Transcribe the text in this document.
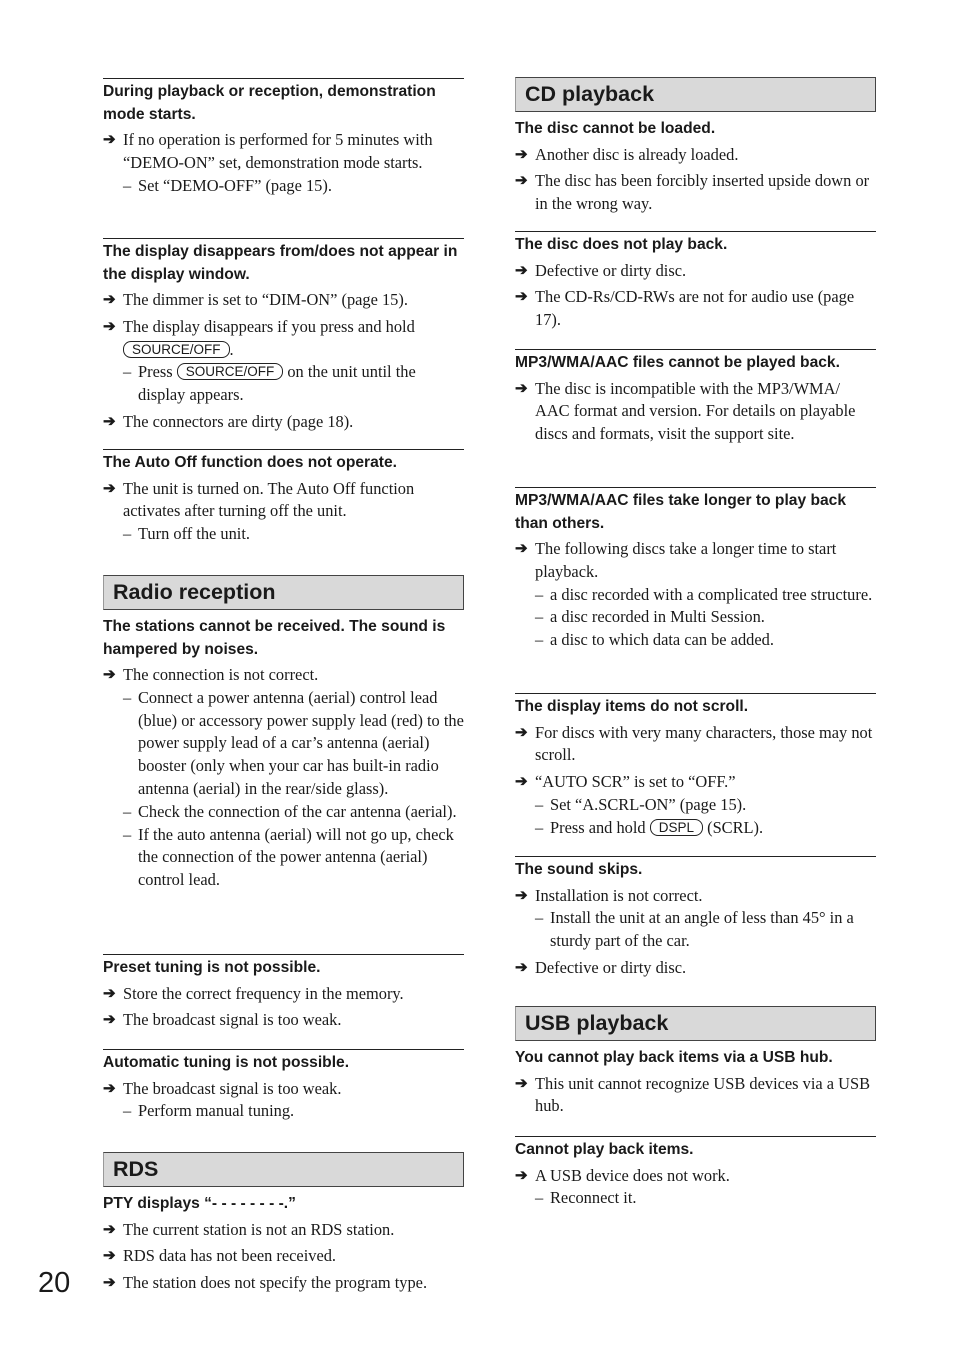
20
During playback or reception, demonstration mode starts.
➔ If no operation is performed for 5 minutes with “DEMO-ON” set, demonstration mode starts.
– Set “DEMO-OFF” (page 15).
The display disappears from/does not appear in the display window.
➔ The dimmer is set to “DIM-ON” (page 15).
➔ The display disappears if you press and hold SOURCE/OFF .
– Press SOURCE/OFF on the unit until the display appears.
➔ The connectors are dirty (page 18).
The Auto Off function does not operate.
➔ The unit is turned on. The Auto Off function activates after turning off the unit.
– Turn off the unit.
Radio reception
The stations cannot be received. The sound is hampered by noises.
➔ The connection is not correct.
– Connect a power antenna (aerial) control lead (blue) or accessory power supply lead (red) to the power supply lead of a car’s antenna (aerial) booster (only when your car has built-in radio antenna (aerial) in the rear/side glass).
– Check the connection of the car antenna (aerial).
– If the auto antenna (aerial) will not go up, check the connection of the power antenna (aerial) control lead.
Preset tuning is not possible.
➔ Store the correct frequency in the memory.
➔ The broadcast signal is too weak.
Automatic tuning is not possible.
➔ The broadcast signal is too weak.
– Perform manual tuning.
RDS
PTY displays “- - - - - - - -.”
➔ The current station is not an RDS station.
➔ RDS data has not been received.
➔ The station does not specify the program type.
CD playback
The disc cannot be loaded.
➔ Another disc is already loaded.
➔ The disc has been forcibly inserted upside down or in the wrong way.
The disc does not play back.
➔ Defective or dirty disc.
➔ The CD-Rs/CD-RWs are not for audio use (page 17).
MP3/WMA/AAC files cannot be played back.
➔ The disc is incompatible with the MP3/WMA/ AAC format and version. For details on playable discs and formats, visit the support site.
MP3/WMA/AAC files take longer to play back than others.
➔ The following discs take a longer time to start playback.
– a disc recorded with a complicated tree structure.
– a disc recorded in Multi Session.
– a disc to which data can be added.
The display items do not scroll.
➔ For discs with very many characters, those may not scroll.
➔ “AUTO SCR” is set to “OFF.”
– Set “A.SCRL-ON” (page 15).
– Press and hold DSPL (SCRL).
The sound skips.
➔ Installation is not correct.
– Install the unit at an angle of less than 45° in a sturdy part of the car.
➔ Defective or dirty disc.
USB playback
You cannot play back items via a USB hub.
➔ This unit cannot recognize USB devices via a USB hub.
Cannot play back items.
➔ A USB device does not work.
– Reconnect it.
